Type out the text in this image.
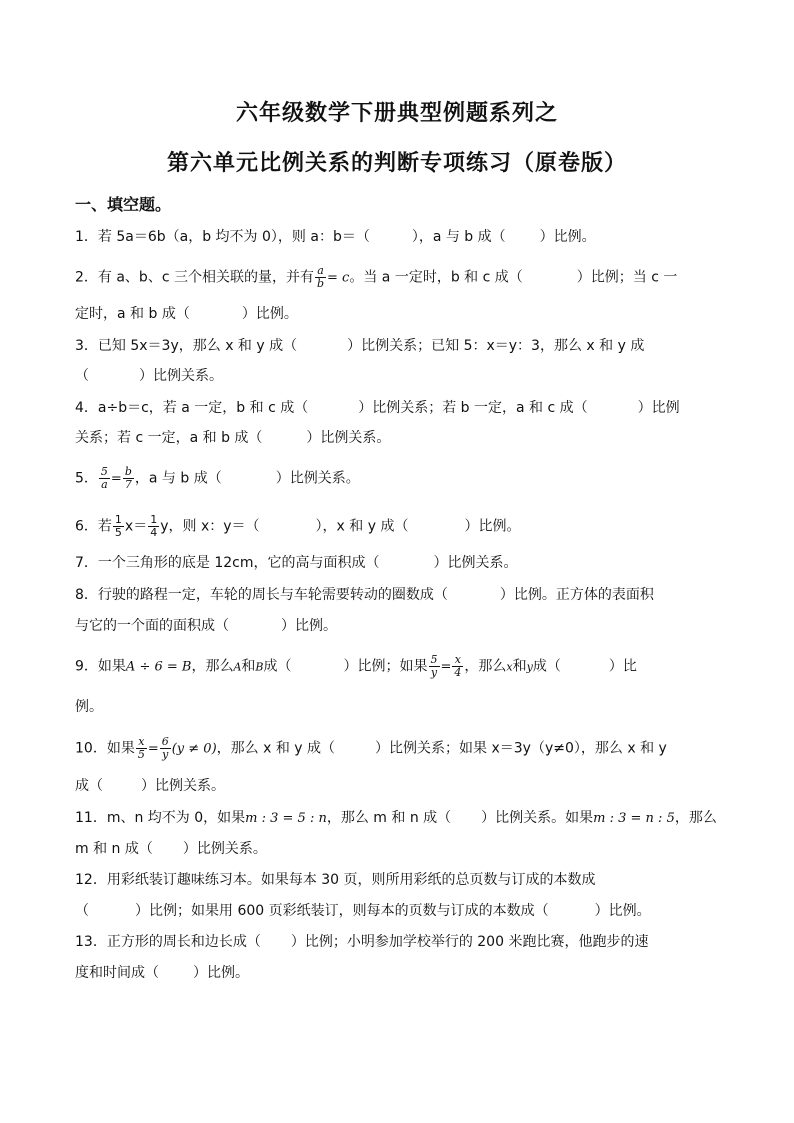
六年级数学下册典型例题系列之
第六单元比例关系的判断专项练习（原卷版）
一、填空题。
1．若 5a＝6b（a，b 均不为 0），则 a：b＝（	），a 与 b 成（ ）比例。
2．有 a、b、c 三个相关联的量，并有 $\frac{a}{b} = c$。当 a 一定时，b 和 c 成（	）比例；当 c 一
定时，a 和 b 成（	）比例。
3．已知 5x＝3y，那么 x 和 y 成（	）比例关系；已知 5：x＝y：3，那么 x 和 y 成
（	）比例关系。
4．a÷b＝c，若 a 一定，b 和 c 成（	）比例关系；若 b 一定，a 和 c 成（	）比例
关系；若 c 一定，a 和 b 成（	）比例关系。
5． $\frac{5}{a} = \frac{b}{7}$ ，a 与 b 成（	）比例关系。
6．若 $\frac{1}{5} x= \frac{1}{4}$ y，则 x：y＝（	），x 和 y 成（	）比例。
7．一个三角形的底是 12cm，它的高与面积成（	）比例关系。
8．行驶的路程一定，车轮的周长与车轮需要转动的圈数成（	）比例。正方体的表面积
与它的一个面的面积成（	）比例。
9．如果A ÷ 6 = B，那么A和B成（	）比例；如果 $\frac{5}{y} = \frac{x}{4}$ ，那么x和y成（	）比
例。
10．如果 $\frac{x}{5} = \frac{6}{y} (y \ne 0)$，那么 x 和 y 成（	）比例关系；如果 x＝3y（y≠0），那么 x 和 y
成（	）比例关系。
11．m、n 均不为 0，如果m : 3 = 5 : n，那么 m 和 n 成（ ）比例关系。如果m : 3 = n : 5，那么
m 和 n 成（ ）比例关系。
12．用彩纸装订趣味练习本。如果每本 30 页，则所用彩纸的总页数与订成的本数成
（	）比例；如果用 600 页彩纸装订，则每本的页数与订成的本数成（	）比例。
13．正方形的周长和边长成（ ）比例；小明参加学校举行的 200 米跑比赛，他跑步的速
度和时间成（ ）比例。
